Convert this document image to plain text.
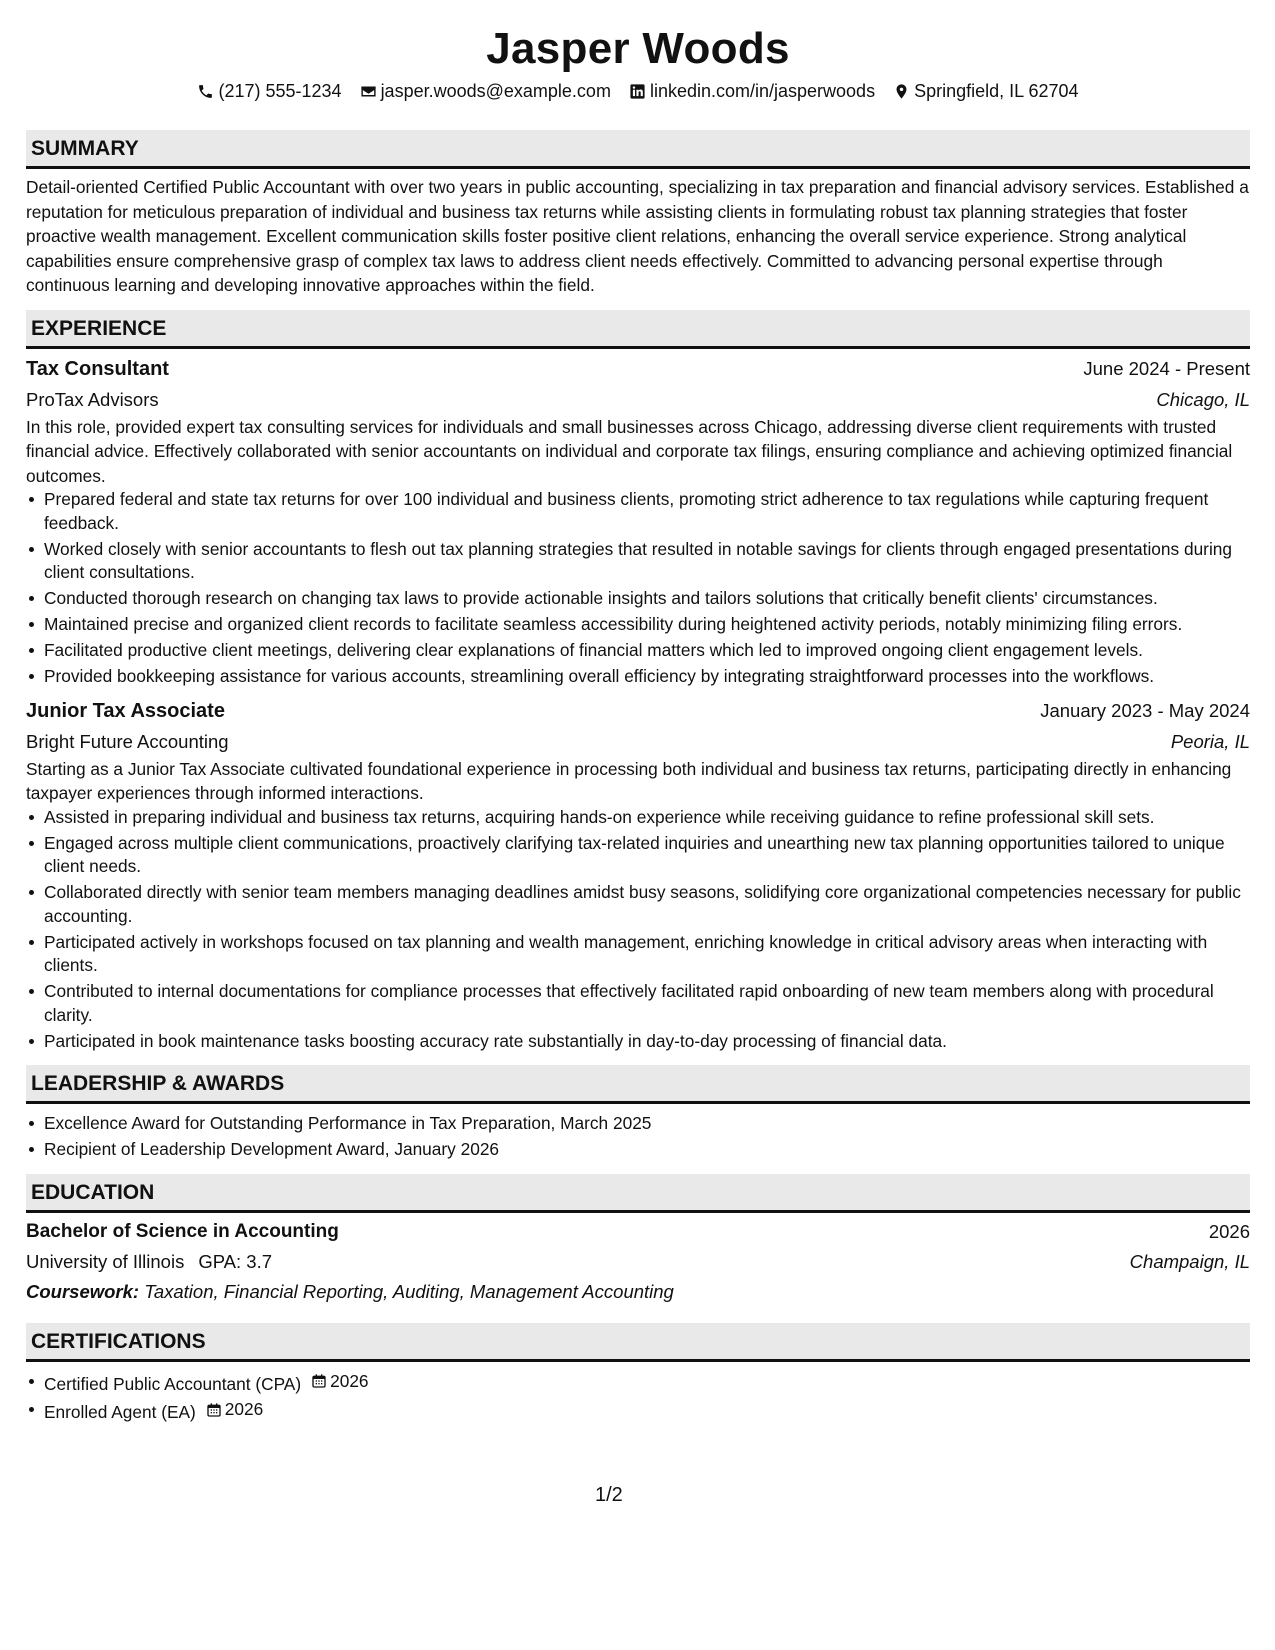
Jasper Woods
(217) 555-1234 jasper.woods@example.com linkedin.com/in/jasperwoods Springfield, IL 62704
SUMMARY

Detail-oriented Certified Public Accountant with over two years in public accounting, specializing in tax preparation and financial advisory services. Established a reputation for meticulous preparation of individual and business tax returns while assisting clients in formulating robust tax planning strategies that foster proactive wealth management. Excellent communication skills foster positive client relations, enhancing the overall service experience. Strong analytical capabilities ensure comprehensive grasp of complex tax laws to address client needs effectively. Committed to advancing personal expertise through continuous learning and developing innovative approaches within the field.

EXPERIENCE
Tax Consultant	June 2024 - Present
ProTax Advisors	Chicago, IL

In this role, provided expert tax consulting services for individuals and small businesses across Chicago, addressing diverse client requirements with trusted financial advice. Effectively collaborated with senior accountants on individual and corporate tax filings, ensuring compliance and achieving optimized financial outcomes.

Prepared federal and state tax returns for over 100 individual and business clients, promoting strict adherence to tax regulations while capturing frequent feedback.
Worked closely with senior accountants to flesh out tax planning strategies that resulted in notable savings for clients through engaged presentations during client consultations.
Conducted thorough research on changing tax laws to provide actionable insights and tailors solutions that critically benefit clients' circumstances.
Maintained precise and organized client records to facilitate seamless accessibility during heightened activity periods, notably minimizing filing errors.
Facilitated productive client meetings, delivering clear explanations of financial matters which led to improved ongoing client engagement levels.
Provided bookkeeping assistance for various accounts, streamlining overall efficiency by integrating straightforward processes into the workflows.
Junior Tax Associate	January 2023 - May 2024
Bright Future Accounting	Peoria, IL

Starting as a Junior Tax Associate cultivated foundational experience in processing both individual and business tax returns, participating directly in enhancing taxpayer experiences through informed interactions.

Assisted in preparing individual and business tax returns, acquiring hands-on experience while receiving guidance to refine professional skill sets.
Engaged across multiple client communications, proactively clarifying tax-related inquiries and unearthing new tax planning opportunities tailored to unique client needs.
Collaborated directly with senior team members managing deadlines amidst busy seasons, solidifying core organizational competencies necessary for public accounting.
Participated actively in workshops focused on tax planning and wealth management, enriching knowledge in critical advisory areas when interacting with clients.
Contributed to internal documentations for compliance processes that effectively facilitated rapid onboarding of new team members along with procedural clarity.
Participated in book maintenance tasks boosting accuracy rate substantially in day-to-day processing of financial data.
LEADERSHIP & AWARDS
Excellence Award for Outstanding Performance in Tax Preparation, March 2025
Recipient of Leadership Development Award, January 2026
EDUCATION
Bachelor of Science in Accounting	2026
University of Illinois GPA: 3.7	Champaign, IL
Coursework: Taxation, Financial Reporting, Auditing, Management Accounting
CERTIFICATIONS
Certified Public Accountant (CPA) 2026
Enrolled Agent (EA) 2026
1/2
